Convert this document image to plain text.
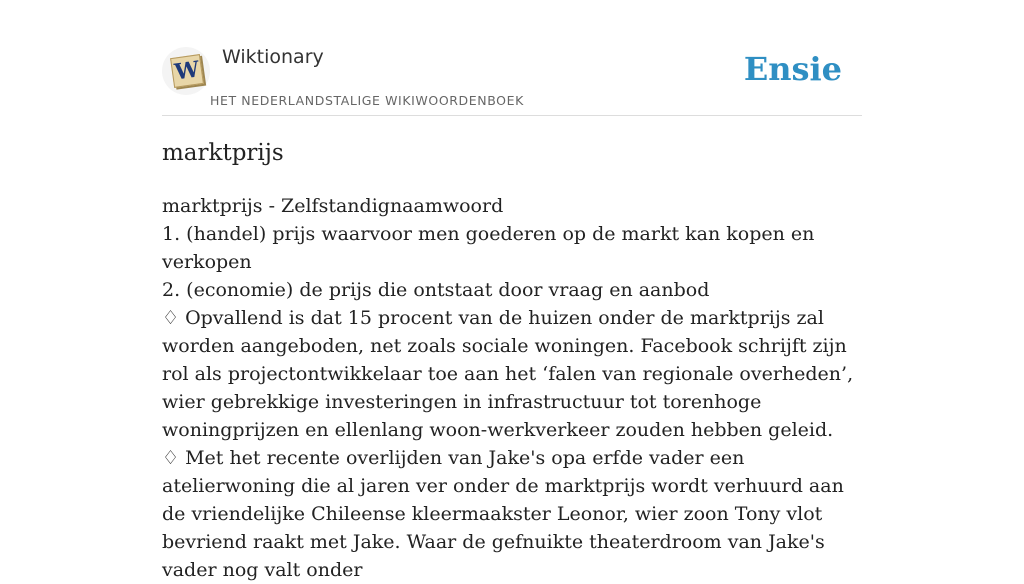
W Wiktionary
HET NEDERLANDSTALIGE WIKIWOORDENBOEK
Ensie
marktprijs

marktprijs - Zelfstandignaamwoord

1. (handel) prijs waarvoor men goederen op de markt kan kopen en verkopen

2. (economie) de prijs die ontstaat door vraag en aanbod

♢ Opvallend is dat 15 procent van de huizen onder de marktprijs zal worden aangeboden, net zoals sociale woningen. Facebook schrijft zijn rol als projectontwikkelaar toe aan het ‘falen van regionale overheden’, wier gebrekkige investeringen in infrastructuur tot torenhoge woningprijzen en ellenlang woon-werkverkeer zouden hebben geleid.

♢ Met het recente overlijden van Jake's opa erfde vader een atelierwoning die al jaren ver onder de marktprijs wordt verhuurd aan de vriendelijke Chileense kleermaakster Leonor, wier zoon Tony vlot bevriend raakt met Jake. Waar de gefnuikte theaterdroom van Jake's vader nog valt onder
